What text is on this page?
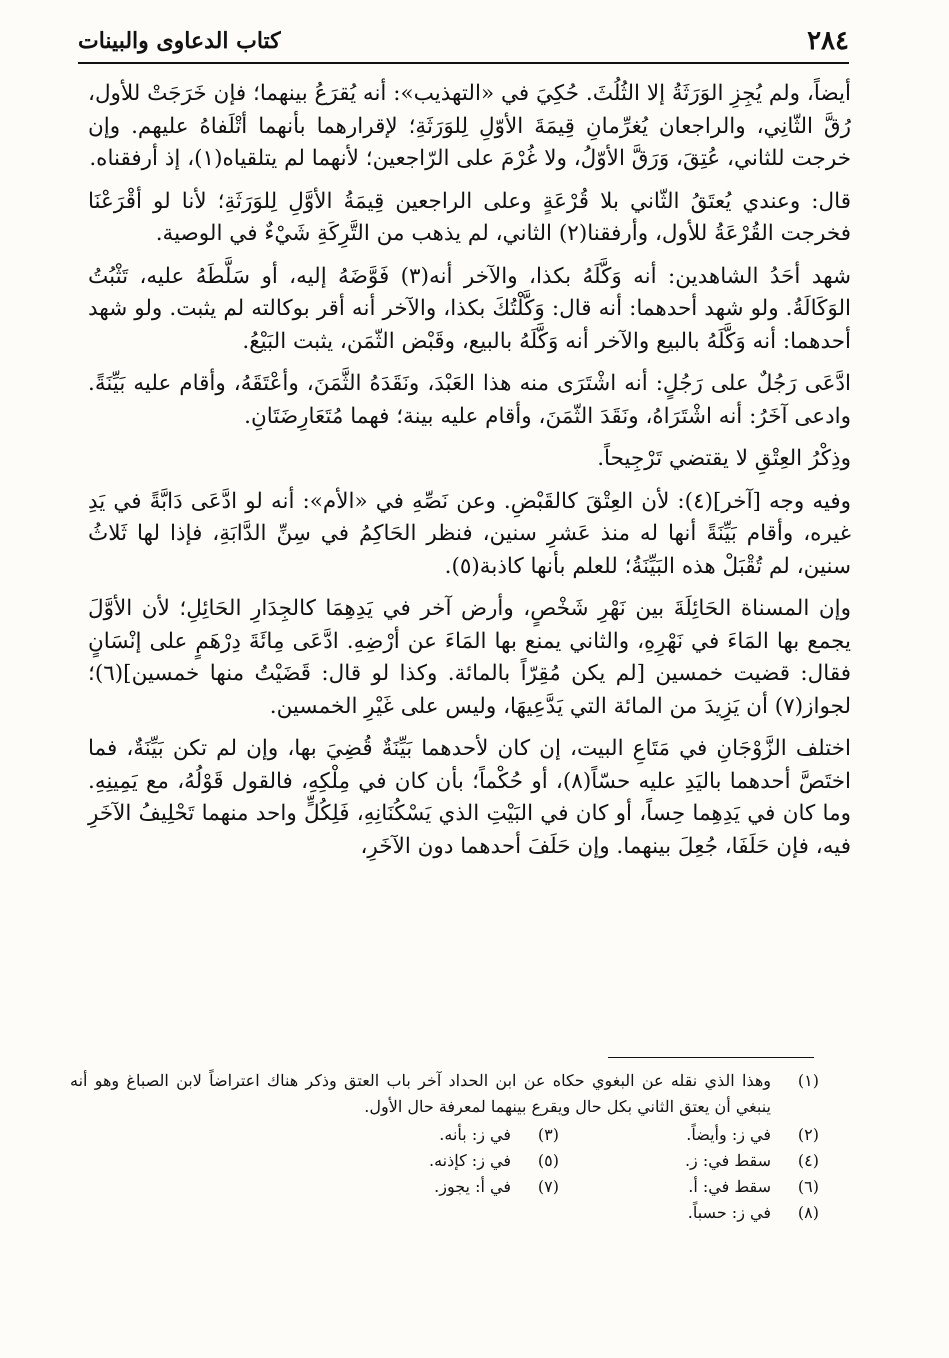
٢٨٤
كتاب الدعاوى والبينات

أيضاً، ولم يُجِزِ الوَرَثَةُ إلا الثُلُثَ. حُكِيَ في «التهذيب»: أنه يُقرَعُ بينهما؛ فإن خَرَجَتْ للأول، رُقَّ الثّانِي، والراجعان يُغرِّمانِ قِيمَةَ الأوّلِ لِلوَرَثَةِ؛ لإقرارهما بأنهما أتْلَفاهُ عليهم. وإن خرجت للثاني، عُتِقَ، وَرَقَّ الأوّلُ، ولا غُرْمَ على الرّاجعين؛ لأنهما لم يتلقياه(١)، إذ أرفقناه.

قال: وعندي يُعتَقُ الثّاني بلا قُرْعَةٍ وعلى الراجعين قِيمَةُ الأوَّلِ لِلوَرَثَةِ؛ لأنا لو أقْرَعْنَا فخرجت القُرْعَةُ للأول، وأرفقنا(٢) الثاني، لم يذهب من التَّرِكَةِ شَيْءٌ في الوصية.

شهد أحَدُ الشاهدين: أنه وَكَّلَهُ بكذا، والآخر أنه(٣) فَوَّضَهُ إليه، أو سَلَّطَهُ عليه، تَثْبُتُ الوَكَالَةُ. ولو شهد أحدهما: أنه قال: وَكَّلْتُكَ بكذا، والآخر أنه أقر بوكالته لم يثبت. ولو شهد أحدهما: أنه وَكَّلَهُ بالبيع والآخر أنه وَكَّلَهُ بالبيع، وقَبْض الثّمَن، يثبت البَيْعُ.

ادَّعَى رَجُلٌ على رَجُلٍ: أنه اشْتَرَى منه هذا العَبْدَ، ونَقَدَهُ الثَّمَنَ، وأعْتَقَهُ، وأقام عليه بَيِّنَةً. وادعى آخَرُ: أنه اشْتَرَاهُ، ونَقَدَ الثّمَنَ، وأقام عليه بينة؛ فهما مُتَعَارِضَتَانِ.

وذِكْرُ العِتْقِ لا يقتضي تَرْجِيحاً.

وفيه وجه [آخر](٤): لأن العِتْقَ كالقَبْضِ. وعن نَصِّهِ في «الأم»: أنه لو ادَّعَى دَابَّةً في يَدِ غيره، وأقام بَيِّنَةً أنها له منذ عَشرِ سنين، فنظر الحَاكِمُ في سِنِّ الدَّابَةِ، فإذا لها ثَلاثُ سنين، لم تُقْبَلْ هذه البَيِّنَةُ؛ للعلم بأنها كاذبة(٥).

وإن المسناة الحَائِلَةَ بين نَهْرِ شَخْصٍ، وأرض آخر في يَدِهِمَا كالجِدَارِ الحَائِلِ؛ لأن الأوَّلَ يجمع بها المَاءَ في نَهْرِهِ، والثاني يمنع بها المَاءَ عن أرْضِهِ. ادَّعَى مِائَةَ دِرْهَمٍ على إنْسَانٍ فقال: قضيت خمسين [لم يكن مُقِرّاً بالمائة. وكذا لو قال: قَضَيْتُ منها خمسين](٦)؛ لجواز(٧) أن يَزِيدَ من المائة التي يَدَّعِيهَا، وليس على غَيْرِ الخمسين.

اختلف الزَّوْجَانِ في مَتَاعِ البيت، إن كان لأحدهما بَيِّنَةٌ قُضِيَ بها، وإن لم تكن بَيِّنَةٌ، فما اختَصَّ أحدهما باليَدِ عليه حسّاً(٨)، أو حُكْماً؛ بأن كان في مِلْكِهِ، فالقول قَوْلُهُ، مع يَمِينِهِ. وما كان في يَدِهِما حِساً، أو كان في البَيْتِ الذي يَسْكُنَانِهِ، فَلِكُلٍّ واحد منهما تَحْلِيفُ الآخَرِ فيه، فإن حَلَفَا، جُعِلَ بينهما. وإن حَلَفَ أحدهما دون الآخَرِ،

(١)
وهذا الذي نقله عن البغوي حكاه عن ابن الحداد آخر باب العتق وذكر هناك اعتراضاً لابن الصباغ وهو أنه ينبغي أن يعتق الثاني بكل حال ويقرع بينهما لمعرفة حال الأول.
(٢)
في ز: وأيضاً.
(٣)
في ز: بأنه.
(٤)
سقط في: ز.
(٥)
في ز: كإذنه.
(٦)
سقط في: أ.
(٧)
في أ: يجوز.
(٨)
في ز: حسباً.
